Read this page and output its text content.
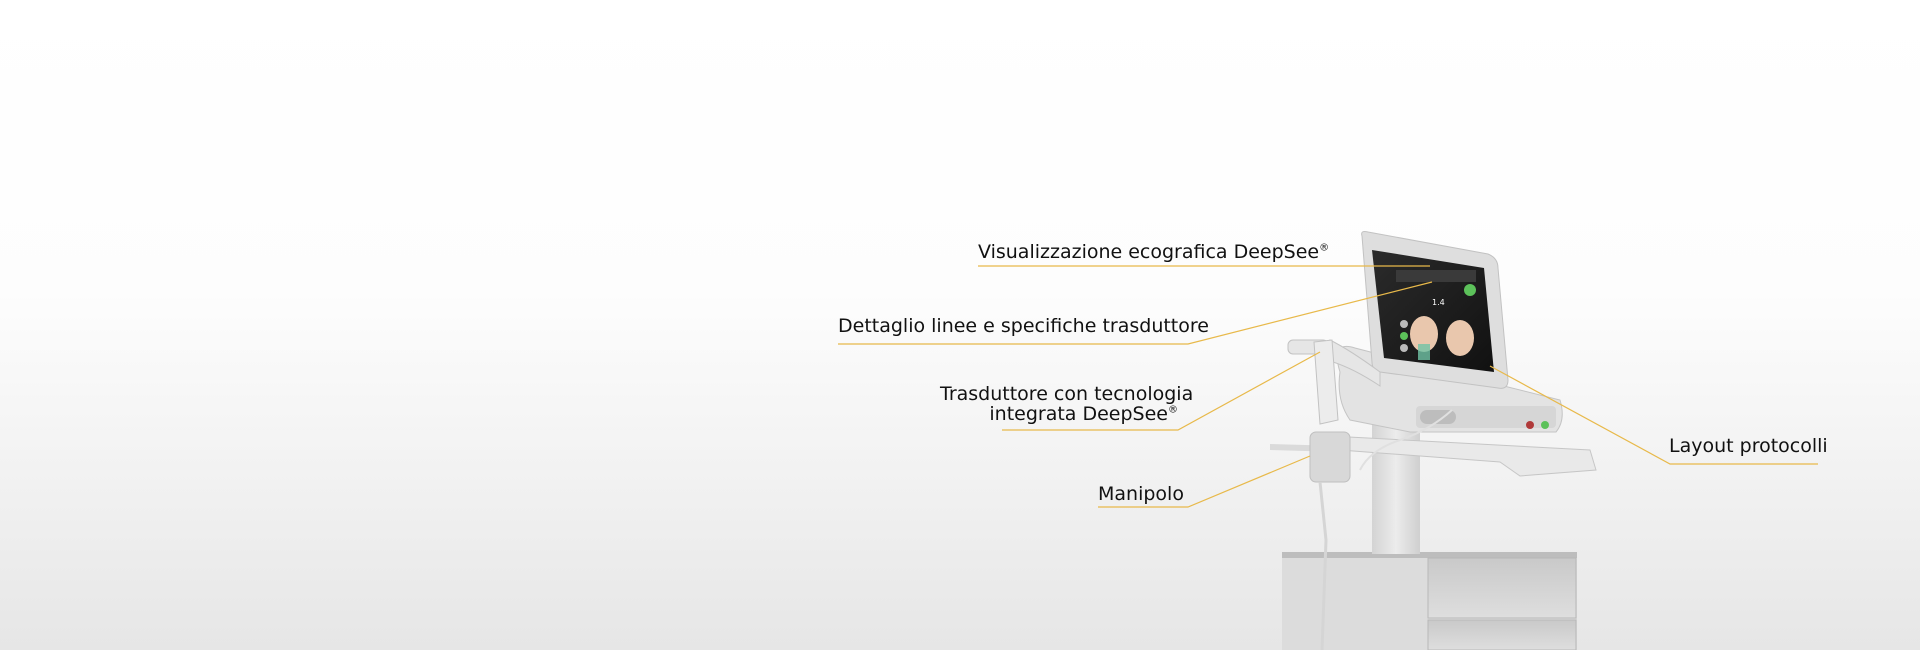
1.4
Visualizzazione ecografica DeepSee®
Dettaglio linee e specifiche trasduttore
Trasduttore con tecnologia
integrata DeepSee®
Manipolo
Layout protocolli
